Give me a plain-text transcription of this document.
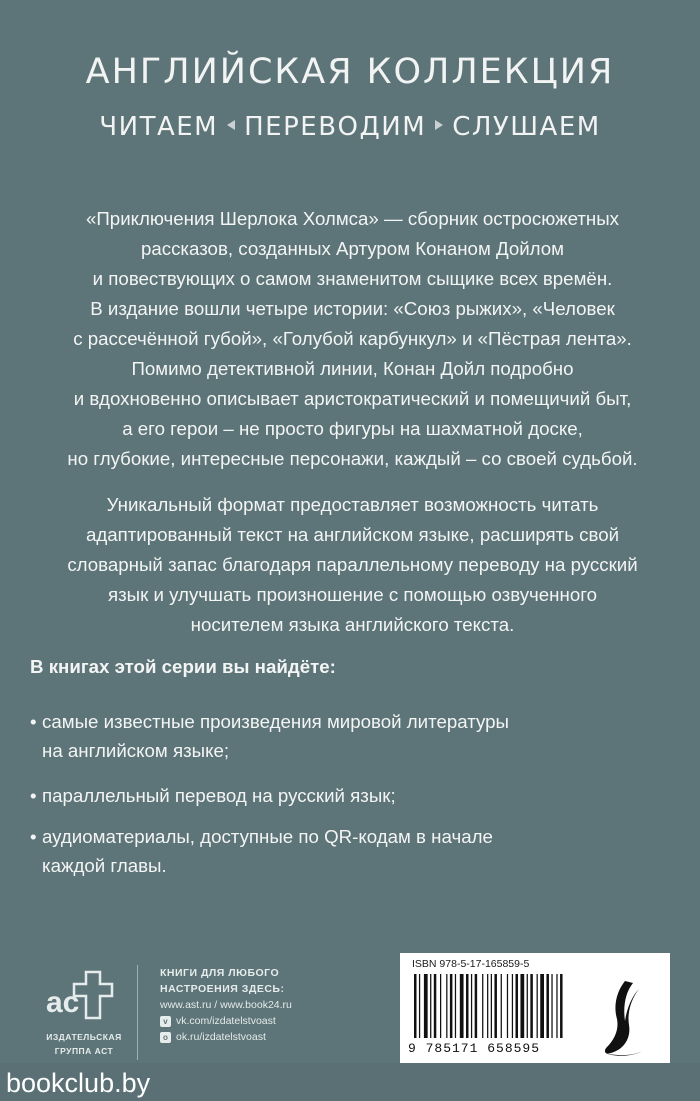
АНГЛИЙСКАЯ КОЛЛЕКЦИЯ
ЧИТАЕМ ПЕРЕВОДИМ СЛУШАЕМ

«Приключения Шерлока Холмса» — сборник остросюжетных
рассказов, созданных Артуром Конаном Дойлом
и повествующих о самом знаменитом сыщике всех времён.
В издание вошли четыре истории: «Союз рыжих», «Человек
с рассечённой губой», «Голубой карбункул» и «Пёстрая лента».
Помимо детективной линии, Конан Дойл подробно
и вдохновенно описывает аристократический и помещичий быт,
а его герои – не просто фигуры на шахматной доске,
но глубокие, интересные персонажи, каждый – со своей судьбой.

Уникальный формат предоставляет возможность читать
адаптированный текст на английском языке, расширять свой
словарный запас благодаря параллельному переводу на русский
язык и улучшать произношение с помощью озвученного
носителем языка английского текста.

В книгах этой серии вы найдёте:
• самые известные произведения мировой литературы
на английском языке;
• параллельный перевод на русский язык;
• аудиоматериалы, доступные по QR-кодам в начале
каждой главы.
ac
ИЗДАТЕЛЬСКАЯ
ГРУППА АСТ
КНИГИ ДЛЯ ЛЮБОГО
НАСТРОЕНИЯ ЗДЕСЬ:
www.ast.ru / www.book24.ru
v vk.com/izdatelstvoast
o ok.ru/izdatelstvoast
ISBN 978-5-17-165859-5
9 785171 658595
bookclub.by
